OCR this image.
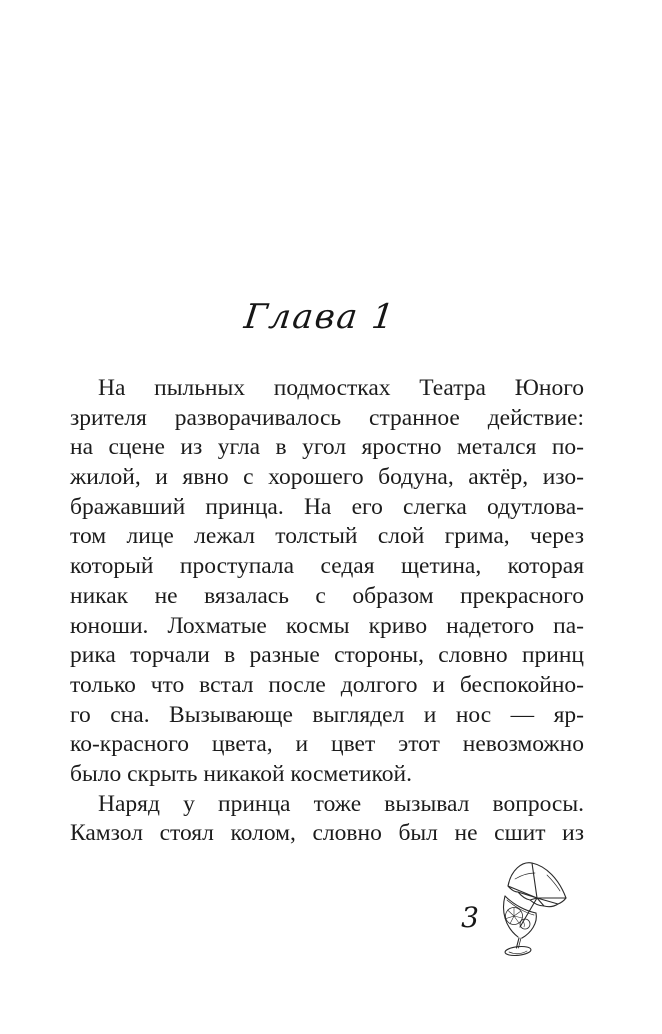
Глава 1
На пыльных подмостках Театра Юного
зрителя разворачивалось странное действие:
на сцене из угла в угол яростно метался по-
жилой, и явно с хорошего бодуна, актёр, изо-
бражавший принца. На его слегка одутлова-
том лице лежал толстый слой грима, через
который проступала седая щетина, которая
никак не вязалась с образом прекрасного
юноши. Лохматые космы криво надетого па-
рика торчали в разные стороны, словно принц
только что встал после долгого и беспокойно-
го сна. Вызывающе выглядел и нос — яр-
ко-красного цвета, и цвет этот невозможно
было скрыть никакой косметикой.
Наряд у принца тоже вызывал вопросы.
Камзол стоял колом, словно был не сшит из
3
